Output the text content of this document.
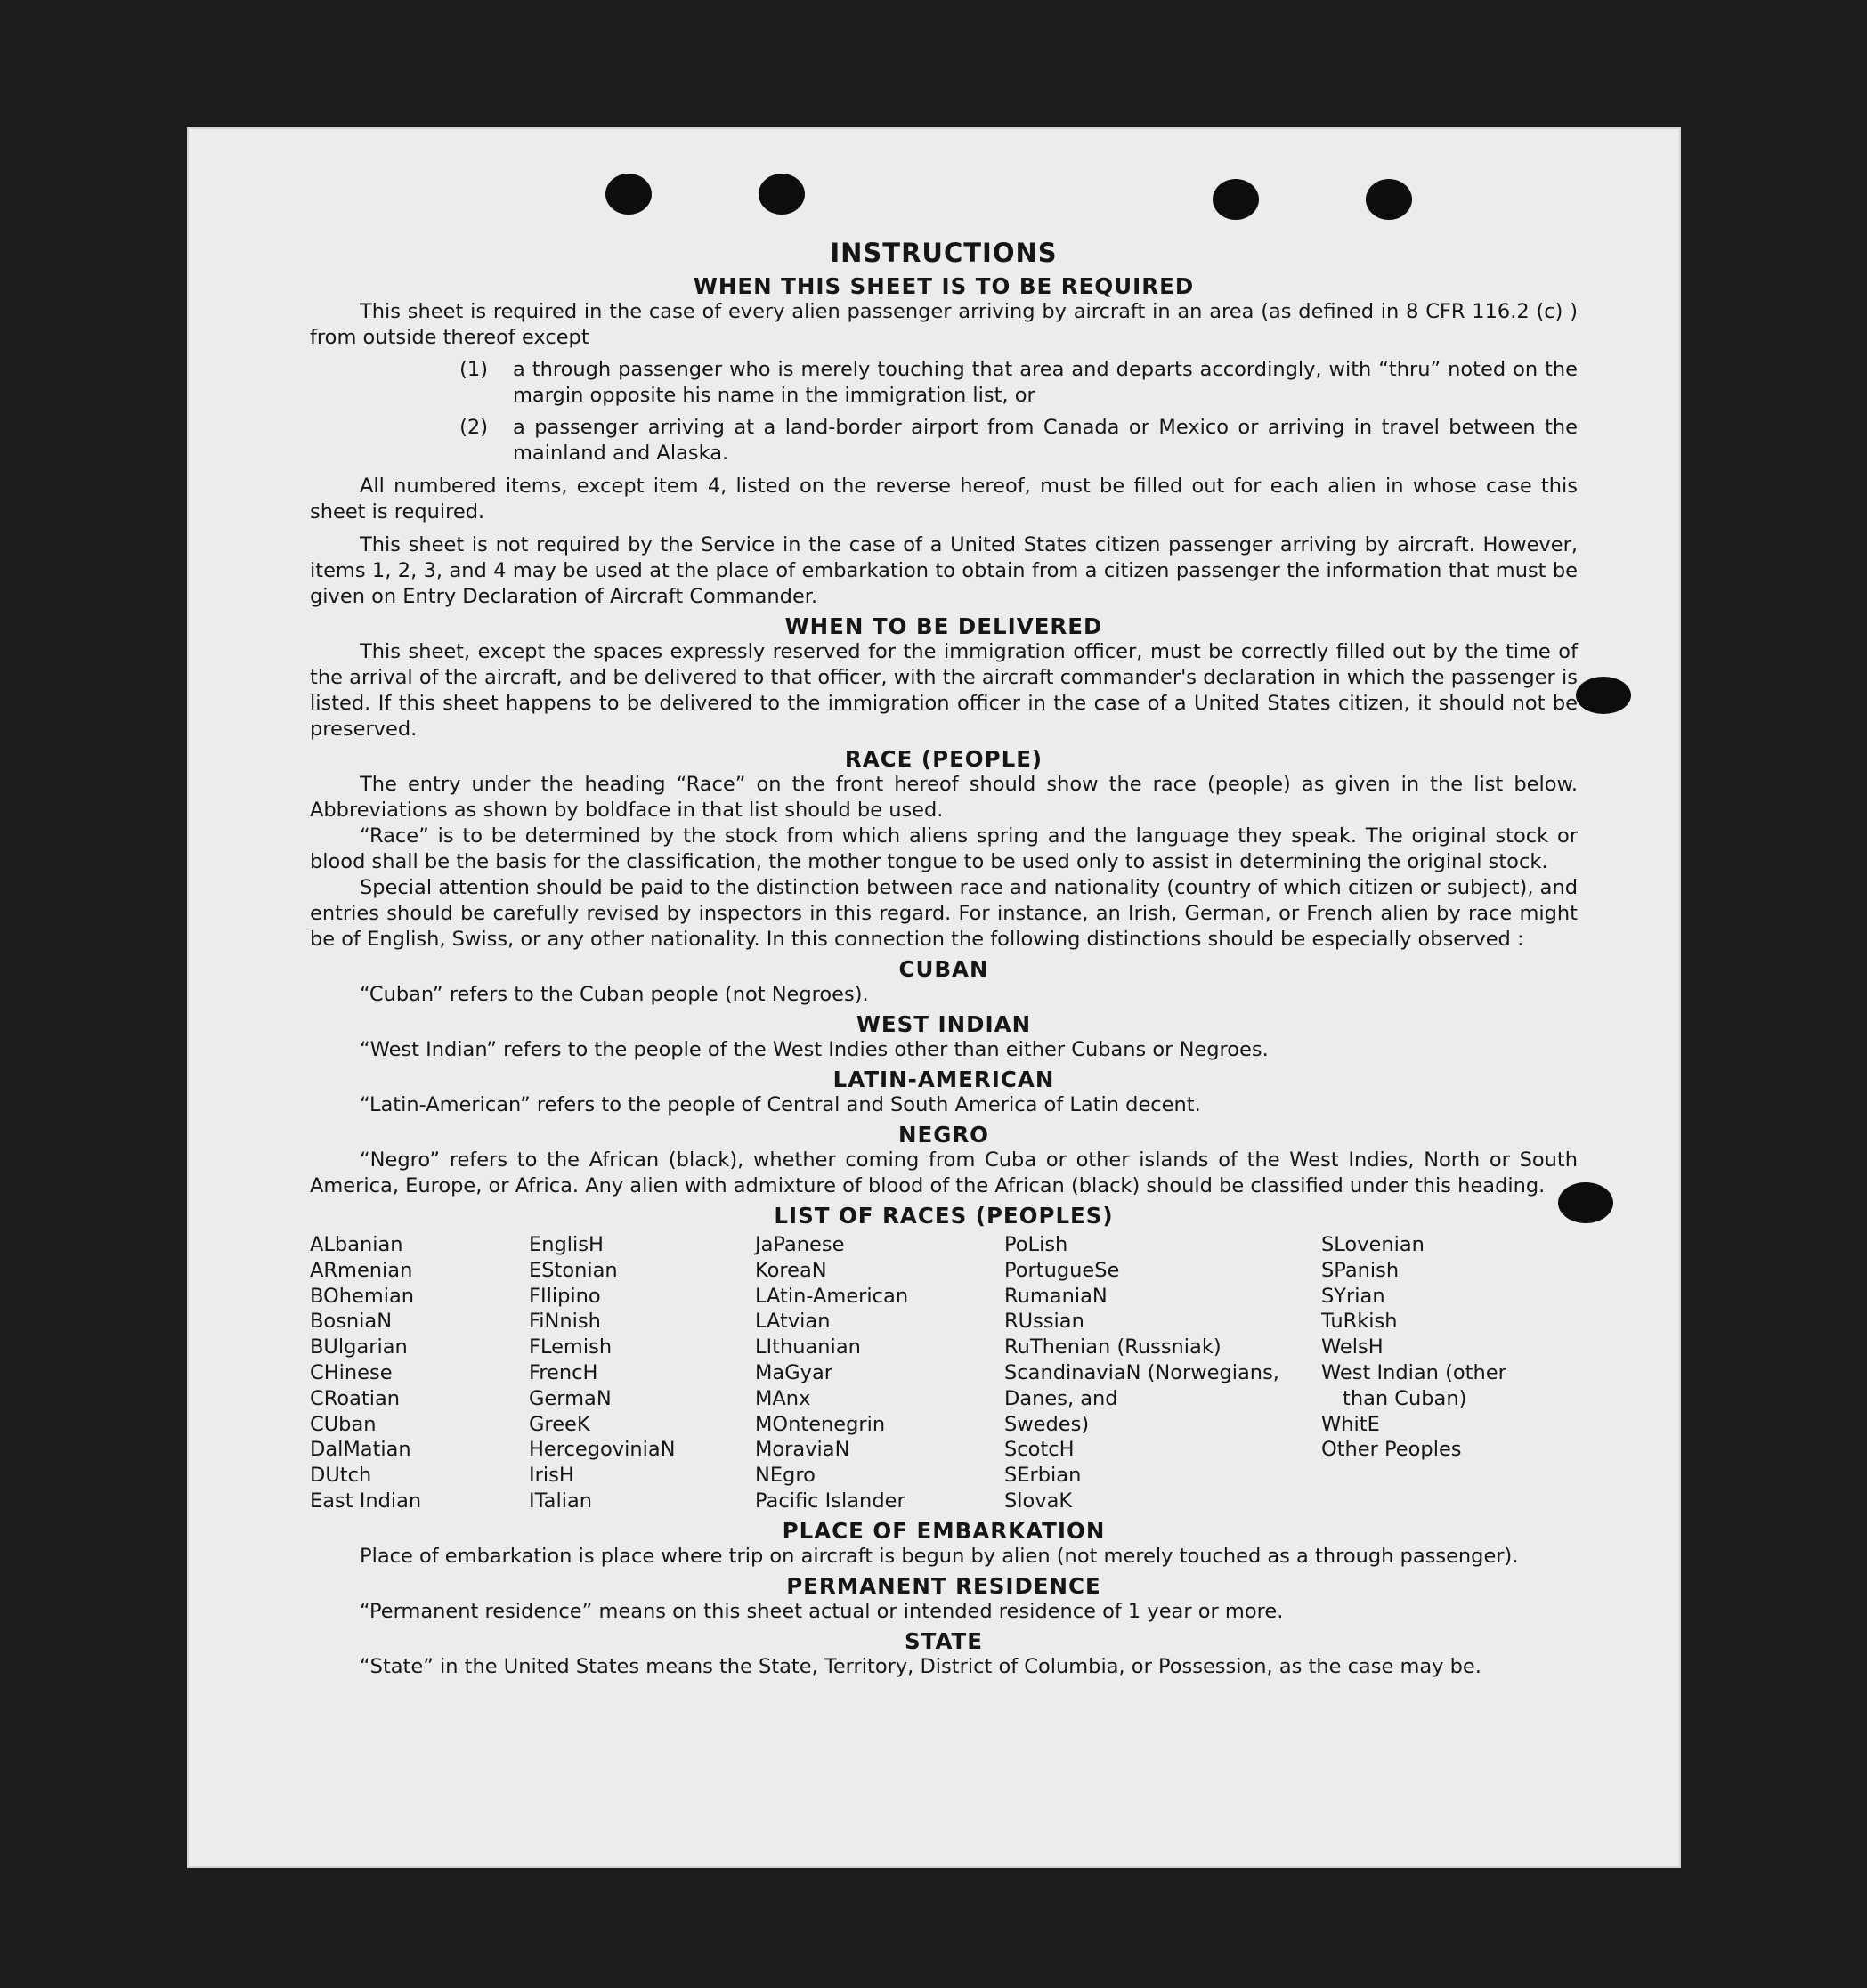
INSTRUCTIONS
WHEN THIS SHEET IS TO BE REQUIRED

This sheet is required in the case of every alien passenger arriving by aircraft in an area (as defined in 8 CFR 116.2 (c) ) from outside thereof except

(1)	a through passenger who is merely touching that area and departs accordingly, with “thru” noted on the margin opposite his name in the immigration list, or
(2)	a passenger arriving at a land-border airport from Canada or Mexico or arriving in travel between the mainland and Alaska.

All numbered items, except item 4, listed on the reverse hereof, must be filled out for each alien in whose case this sheet is required.

This sheet is not required by the Service in the case of a United States citizen passenger arriving by aircraft. However, items 1, 2, 3, and 4 may be used at the place of embarkation to obtain from a citizen passenger the information that must be given on Entry Declaration of Aircraft Commander.

WHEN TO BE DELIVERED

This sheet, except the spaces expressly reserved for the immigration officer, must be correctly filled out by the time of the arrival of the aircraft, and be delivered to that officer, with the aircraft commander's declaration in which the passenger is listed. If this sheet happens to be delivered to the immigration officer in the case of a United States citizen, it should not be preserved.

RACE (PEOPLE)

The entry under the heading “Race” on the front hereof should show the race (people) as given in the list below. Abbreviations as shown by boldface in that list should be used.

“Race” is to be determined by the stock from which aliens spring and the language they speak. The original stock or blood shall be the basis for the classification, the mother tongue to be used only to assist in determining the original stock.

Special attention should be paid to the distinction between race and nationality (country of which citizen or subject), and entries should be carefully revised by inspectors in this regard. For instance, an Irish, German, or French alien by race might be of English, Swiss, or any other nationality. In this connection the following distinctions should be especially observed :

CUBAN

“Cuban” refers to the Cuban people (not Negroes).

WEST INDIAN

“West Indian” refers to the people of the West Indies other than either Cubans or Negroes.

LATIN-AMERICAN

“Latin-American” refers to the people of Central and South America of Latin decent.

NEGRO

“Negro” refers to the African (black), whether coming from Cuba or other islands of the West Indies, North or South America, Europe, or Africa. Any alien with admixture of blood of the African (black) should be classified under this heading.

LIST OF RACES (PEOPLES)
ALbanian
ARmenian
BOhemian
BosniaN
BUlgarian
CHinese
CRoatian
CUban
DalMatian
DUtch
East Indian
EnglisH
EStonian
FIlipino
FiNnish
FLemish
FrencH
GermaN
GreeK
HercegoviniaN
IrisH
ITalian
JaPanese
KoreaN
LAtin-American
LAtvian
LIthuanian
MaGyar
MAnx
MOntenegrin
MoraviaN
NEgro
Pacific Islander
PoLish
PortugueSe
RumaniaN
RUssian
RuThenian (Russniak)
ScandinaviaN (Norwegians,
Danes, and
Swedes)
ScotcH
SErbian
SlovaK
SLovenian
SPanish
SYrian
TuRkish
WelsH
West Indian (other
than Cuban)
WhitE
Other Peoples
PLACE OF EMBARKATION

Place of embarkation is place where trip on aircraft is begun by alien (not merely touched as a through passenger).

PERMANENT RESIDENCE

“Permanent residence” means on this sheet actual or intended residence of 1 year or more.

STATE

“State” in the United States means the State, Territory, District of Columbia, or Possession, as the case may be.
